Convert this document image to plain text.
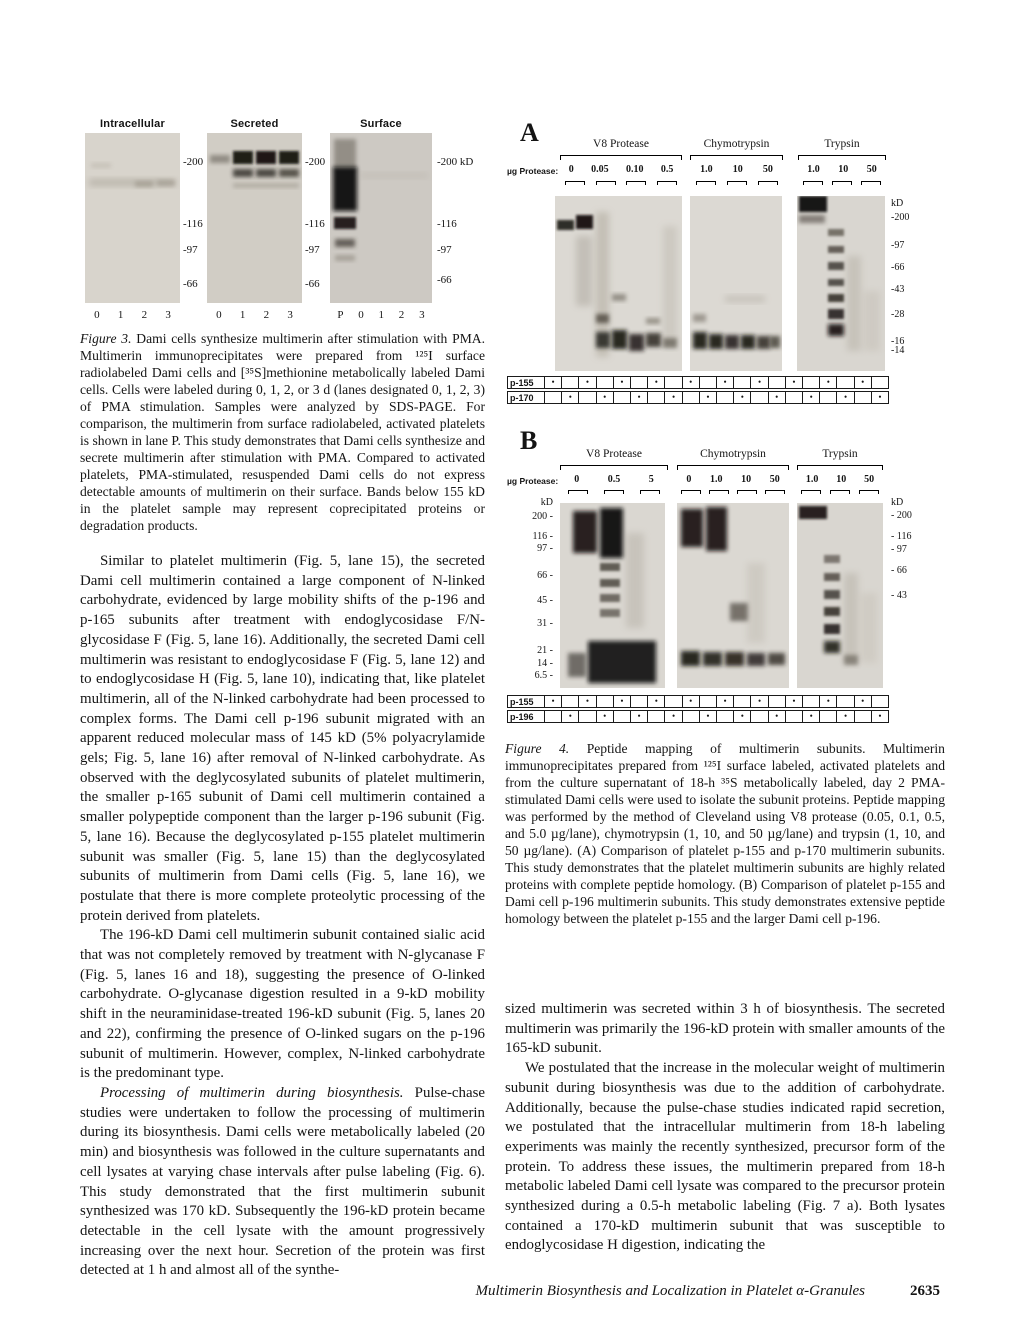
Intracellular
-200
-116
-97
-66
0 1 2 3
Secreted
-200
-116
-97
-66
0 1 2 3
Surface
-200 kD
-116
-97
-66
P 0 1 2 3

Figure 3. Dami cells synthesize multimerin after stimulation with PMA. Multimerin immunoprecipitates were prepared from ¹²⁵I surface radiolabeled Dami cells and [³⁵S]methionine metabolically labeled Dami cells. Cells were labeled during 0, 1, 2, or 3 d (lanes designated 0, 1, 2, 3) of PMA stimulation. Samples were analyzed by SDS-PAGE. For comparison, the multimerin from surface radiolabeled, activated platelets is shown in lane P. This study demonstrates that Dami cells synthesize and secrete multimerin after stimulation with PMA. Compared to activated platelets, PMA-stimulated, resuspended Dami cells do not express detectable amounts of multimerin on their surface. Bands below 155 kD in the platelet sample may represent coprecipitated proteins or degradation products.

Similar to platelet multimerin (Fig. 5, lane 15), the secreted Dami cell multimerin contained a large component of N-linked carbohydrate, evidenced by large mobility shifts of the p-196 and p-165 subunits after treatment with endoglycosidase F/N-glycosidase F (Fig. 5, lane 16). Additionally, the secreted Dami cell multimerin was resistant to endoglycosidase F (Fig. 5, lane 12) and to endoglycosidase H (Fig. 5, lane 10), indicating that, like platelet multimerin, all of the N-linked carbohydrate had been processed to complex forms. The Dami cell p-196 subunit migrated with an apparent reduced molecular mass of 145 kD (5% polyacrylamide gels; Fig. 5, lane 16) after removal of N-linked carbohydrate. As observed with the deglycosylated subunits of platelet multimerin, the smaller p-165 subunit of Dami cell multimerin contained a smaller polypeptide component than the larger p-196 subunit (Fig. 5, lane 16). Because the deglycosylated p-155 platelet multimerin subunit was smaller (Fig. 5, lane 15) than the deglycosylated subunits of multimerin from Dami cells (Fig. 5, lane 16), we postulate that there is more complete proteolytic processing of the protein derived from platelets.

The 196-kD Dami cell multimerin subunit contained sialic acid that was not completely removed by treatment with N-glycanase F (Fig. 5, lanes 16 and 18), suggesting the presence of O-linked carbohydrate. O-glycanase digestion resulted in a 9-kD mobility shift in the neuraminidase-treated 196-kD subunit (Fig. 5, lanes 20 and 22), confirming the presence of O-linked sugars on the p-196 subunit of multimerin. However, complex, N-linked carbohydrate is the predominant type.

Processing of multimerin during biosynthesis. Pulse-chase studies were undertaken to follow the processing of multimerin during its biosynthesis. Dami cells were metabolically labeled (20 min) and biosynthesis was followed in the culture supernatants and cell lysates at varying chase intervals after pulse labeling (Fig. 6). This study demonstrated that the first multimerin subunit synthesized was 170 kD. Subsequently the 196-kD protein became detectable in the cell lysate with the amount progressively increasing over the next hour. Secretion of the protein was first detected at 1 h and almost all of the synthe-

A	V8 Protease	Chymotrypsin	Trypsin
µg Protease: 0 0.05 0.10 0.5	1.0 10 50	1.0 10 50
kD
-200
-97
-66
-43
-28
-16
-14
p-155	•	•	•	•	•	•	•	•	•	•
p-170	•	•	•	•	•	•	•	•	•	•
B	V8 Protease	Chymotrypsin	Trypsin
µg Protease: 0	0.5	5	0 1.0 10 50	1.0 10 50
kD
200 -
116 -
97 -
66 -
45 -
31 -
21 -
14 -
6.5 -
kD
- 200
- 116
- 97
- 66
- 43
p-155	•	•	•	•	•	•	•	•	•	•
p-196	•	•	•	•	•	•	•	•	•	•

Figure 4. Peptide mapping of multimerin subunits. Multimerin immunoprecipitates prepared from ¹²⁵I surface labeled, activated platelets and from the culture supernatant of 18-h ³⁵S metabolically labeled, day 2 PMA-stimulated Dami cells were used to isolate the subunit proteins. Peptide mapping was performed by the method of Cleveland using V8 protease (0.05, 0.1, 0.5, and 5.0 µg/lane), chymotrypsin (1, 10, and 50 µg/lane) and trypsin (1, 10, and 50 µg/lane). (A) Comparison of platelet p-155 and p-170 multimerin subunits. This study demonstrates that the platelet multimerin subunits are highly related proteins with complete peptide homology. (B) Comparison of platelet p-155 and Dami cell p-196 multimerin subunits. This study demonstrates extensive peptide homology between the platelet p-155 and the larger Dami cell p-196.

sized multimerin was secreted within 3 h of biosynthesis. The secreted multimerin was primarily the 196-kD protein with smaller amounts of the 165-kD subunit.

We postulated that the increase in the molecular weight of multimerin subunit during biosynthesis was due to the addition of carbohydrate. Additionally, because the pulse-chase studies indicated rapid secretion, we postulated that the intracellular multimerin from 18-h labeling experiments was mainly the recently synthesized, precursor form of the protein. To address these issues, the multimerin prepared from 18-h metabolic labeled Dami cell lysate was compared to the precursor protein synthesized during a 0.5-h metabolic labeling (Fig. 7 a). Both lysates contained a 170-kD multimerin subunit that was susceptible to endoglycosidase H digestion, indicating the

Multimerin Biosynthesis and Localization in Platelet α-Granules	2635
